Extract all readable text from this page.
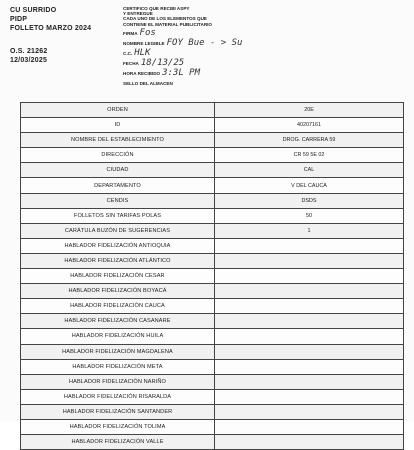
CU SURRIDO
PIDP
FOLLETO MARZO 2024
O.S. 21262
12/03/2025
CERTIFICO QUE RECIBI ASPY
Y ENTREGUE
CADA UNO DE LOS ELEMENTOS QUE
CONTIENE EL MATERIAL PUBLICITARIO
FIRMA Fos
NOMBRE LEGIBLE FOY Bue - > Su
C.C. HLK
FECHA 18/13/25
HORA RECIBIDO 3:3L PM
SELLO DEL ALMACEN
ORDEN	20E
ID	40207161
NOMBRE DEL ESTABLECIMIENTO	DROG. CARRERA 59
DIRECCIÓN	CR 59 5E 02
CIUDAD	CAL
DEPARTAMENTO	V DEL CAUCA
CENDIS	DSDS
FOLLETOS SIN TARIFAS POLAS	50
CARÁTULA BUZÓN DE SUGERENCIAS	1
HABLADOR FIDELIZACIÓN ANTIOQUIA	
HABLADOR FIDELIZACIÓN ATLÁNTICO	
HABLADOR FIDELIZACIÓN CESAR	
HABLADOR FIDELIZACIÓN BOYACÁ	
HABLADOR FIDELIZACIÓN CAUCA	
HABLADOR FIDELIZACIÓN CASANARE	
HABLADOR FIDELIZACIÓN HUILA	
HABLADOR FIDELIZACIÓN MAGDALENA	
HABLADOR FIDELIZACIÓN META	
HABLADOR FIDELIZACIÓN NARIÑO	
HABLADOR FIDELIZACIÓN RISARALDA	
HABLADOR FIDELIZACIÓN SANTANDER	
HABLADOR FIDELIZACIÓN TOLIMA	
HABLADOR FIDELIZACIÓN VALLE	
